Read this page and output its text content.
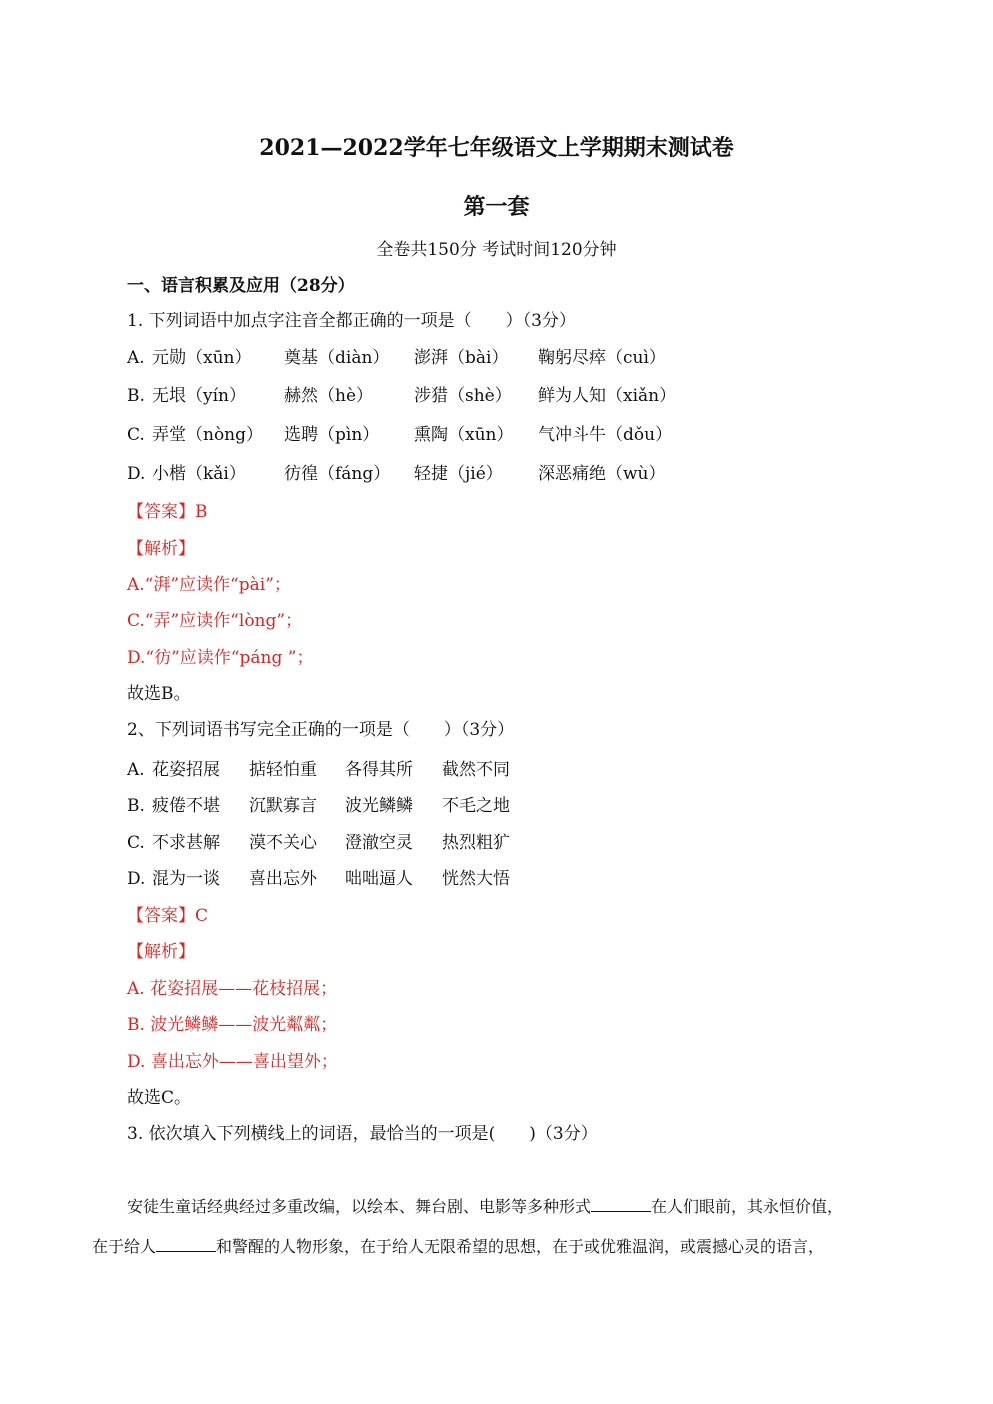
2021—2022学年七年级语文上学期期末测试卷
第一套
全卷共150分 考试时间120分钟
一、语言积累及应用（28分）
1. 下列词语中加点字注音全都正确的一项是（　　）（3分）
A. 元勋（xūn） 奠基（diàn） 澎湃（bài） 鞠躬尽瘁（cuì）
B. 无垠（yín） 赫然（hè） 涉猎（shè） 鲜为人知（xiǎn）
C. 弄堂（nòng） 选聘（pìn） 熏陶（xūn） 气冲斗牛（dǒu）
D. 小楷（kǎi） 彷徨（fáng） 轻捷（jié） 深恶痛绝（wù）
【答案】B
【解析】
A.“湃”应读作“pài”；
C.“弄”应读作“lòng”；
D.“彷”应读作“páng ”；
故选B。
2、下列词语书写完全正确的一项是（　　）（3分）
A. 花姿招展 掂轻怕重 各得其所 截然不同
B. 疲倦不堪 沉默寡言 波光鳞鳞 不毛之地
C. 不求甚解 漠不关心 澄澈空灵 热烈粗犷
D. 混为一谈 喜出忘外 咄咄逼人 恍然大悟
【答案】C
【解析】
A. 花姿招展——花枝招展；
B. 波光鳞鳞——波光粼粼；
D. 喜出忘外——喜出望外；
故选C。
3. 依次填入下列横线上的词语，最恰当的一项是(　　)（3分）
安徒生童话经典经过多重改编，以绘本、舞台剧、电影等多种形式	在人们眼前，其永恒价值，
在于给人	和警醒的人物形象，在于给人无限希望的思想，在于或优雅温润，或震撼心灵的语言，
